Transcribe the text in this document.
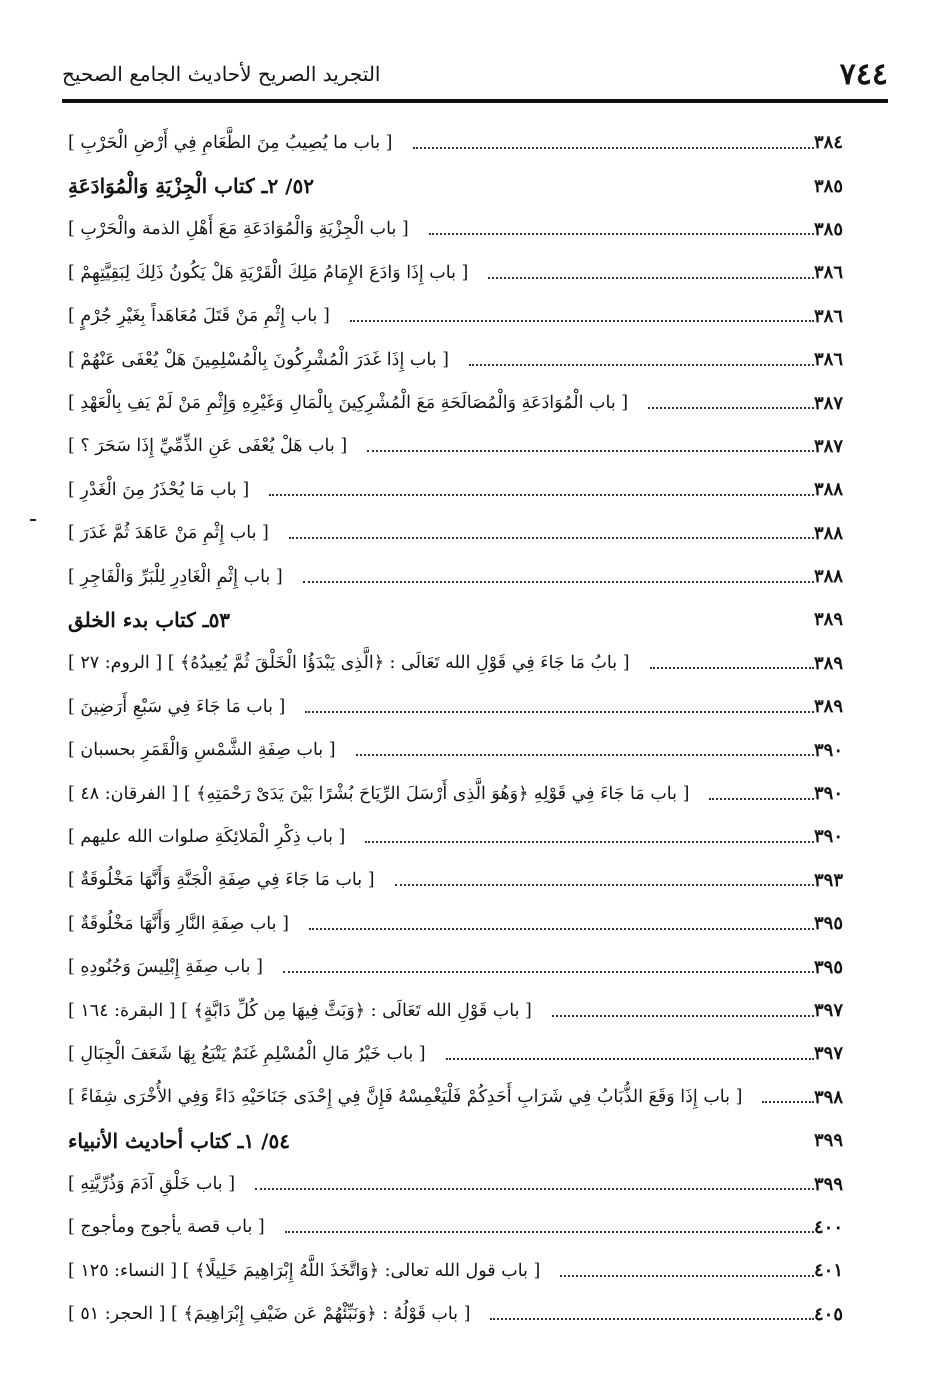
٧٤٤
التجريد الصريح لأحاديث الجامع الصحيح
[ باب ما يُصِيبُ مِنَ الطَّعَامِ فِي أَرْضِ الْحَرْبِ ]	٣٨٤
٥٢/ ٢ـ كتاب الْجِزْيَةِ وَالْمُوَادَعَةِ	٣٨٥
[ باب الْجِزْيَةِ وَالْمُوَادَعَةِ مَعَ أَهْلِ الذمة والْحَرْبِ ]	٣٨٥
[ باب إِذَا وَادَعَ الإِمَامُ مَلِكَ الْقَرْيَةِ هَلْ يَكُونُ ذَلِكَ لِبَقِيَّتِهِمْ ]	٣٨٦
[ باب إِثْمِ مَنْ قَتَلَ مُعَاهَداً بِغَيْرِ جُرْمٍ ]	٣٨٦
[ باب إِذَا غَدَرَ الْمُشْرِكُونَ بِالْمُسْلِمِينَ هَلْ يُعْفَى عَنْهُمْ ]	٣٨٦
[ باب الْمُوَادَعَةِ وَالْمُصَالَحَةِ مَعَ الْمُشْرِكِينَ بِالْمَالِ وَغَيْرِهِ وَإِثْمِ مَنْ لَمْ يَفِ بِالْعَهْدِ ]	٣٨٧
[ باب هَلْ يُعْفَى عَنِ الذِّمِّيِّ إِذَا سَحَرَ ؟ ]	٣٨٧
[ باب مَا يُحْذَرُ مِنَ الْغَدْرِ ]	٣٨٨
[ باب إِثْمِ مَنْ عَاهَدَ ثُمَّ غَدَرَ ]	٣٨٨
[ باب إِثْمِ الْغَادِرِ لِلْبَرِّ وَالْفَاجِرِ ]	٣٨٨
٥٣ـ كتاب بدء الخلق	٣٨٩
[ بابُ مَا جَاءَ فِي قَوْلِ الله تَعَالَى : ﴿الَّذِى يَبْدَؤُا الْخَلْقَ ثُمَّ يُعِيدُهُ﴾ ] [ الروم: ٢٧ ]	٣٨٩
[ باب مَا جَاءَ فِي سَبْعِ أَرَضِينَ ]	٣٨٩
[ باب صِفَةِ الشَّمْسِ وَالْقَمَرِ بحسبان ]	٣٩٠
[ باب مَا جَاءَ فِي قَوْلِهِ ﴿وَهُوَ الَّذِى أَرْسَلَ الرِّيَاحَ بُشْرًا بَيْنَ يَدَىْ رَحْمَتِهِ﴾ ] [ الفرقان: ٤٨ ]	٣٩٠
[ باب ذِكْرِ الْمَلائِكَةِ صلوات الله عليهم ]	٣٩٠
[ باب مَا جَاءَ فِي صِفَةِ الْجَنَّةِ وَأَنَّهَا مَخْلُوقَةٌ ]	٣٩٣
[ باب صِفَةِ النَّارِ وَأَنَّهَا مَخْلُوقَةٌ ]	٣٩٥
[ باب صِفَةِ إِبْلِيسَ وَجُنُودِهِ ]	٣٩٥
[ باب قَوْلِ الله تَعَالَى : ﴿وَبَثَّ فِيهَا مِن كُلِّ دَابَّةٍ﴾ ] [ البقرة: ١٦٤ ]	٣٩٧
[ باب خَيْرُ مَالِ الْمُسْلِمِ غَنَمٌ يَتْبَعُ بِهَا شَعَفَ الْجِبَالِ ]	٣٩٧
[ باب إِذَا وَقَعَ الذُّبَابُ فِي شَرَابِ أَحَدِكُمْ فَلْيَغْمِسْهُ فَإِنَّ فِي إِحْدَى جَنَاحَيْهِ دَاءً وَفِي الأُخْرَى شِفَاءً ]	٣٩٨
٥٤/ ١ـ كتاب أحاديث الأنبياء	٣٩٩
[ باب خَلْقِ آدَمَ وَذُرِّيَّتِهِ ]	٣٩٩
[ باب قصة يأجوج ومأجوج ]	٤٠٠
[ باب قول الله تعالى: ﴿وَاتَّخَذَ اللَّهُ إِبْرَاهِيمَ خَلِيلًا﴾ ] [ النساء: ١٢٥ ]	٤٠١
[ باب قَوْلُهُ : ﴿وَنَبِّئْهُمْ عَن ضَيْفِ إِبْرَاهِيمَ﴾ ] [ الحجر: ٥١ ]	٤٠٥
